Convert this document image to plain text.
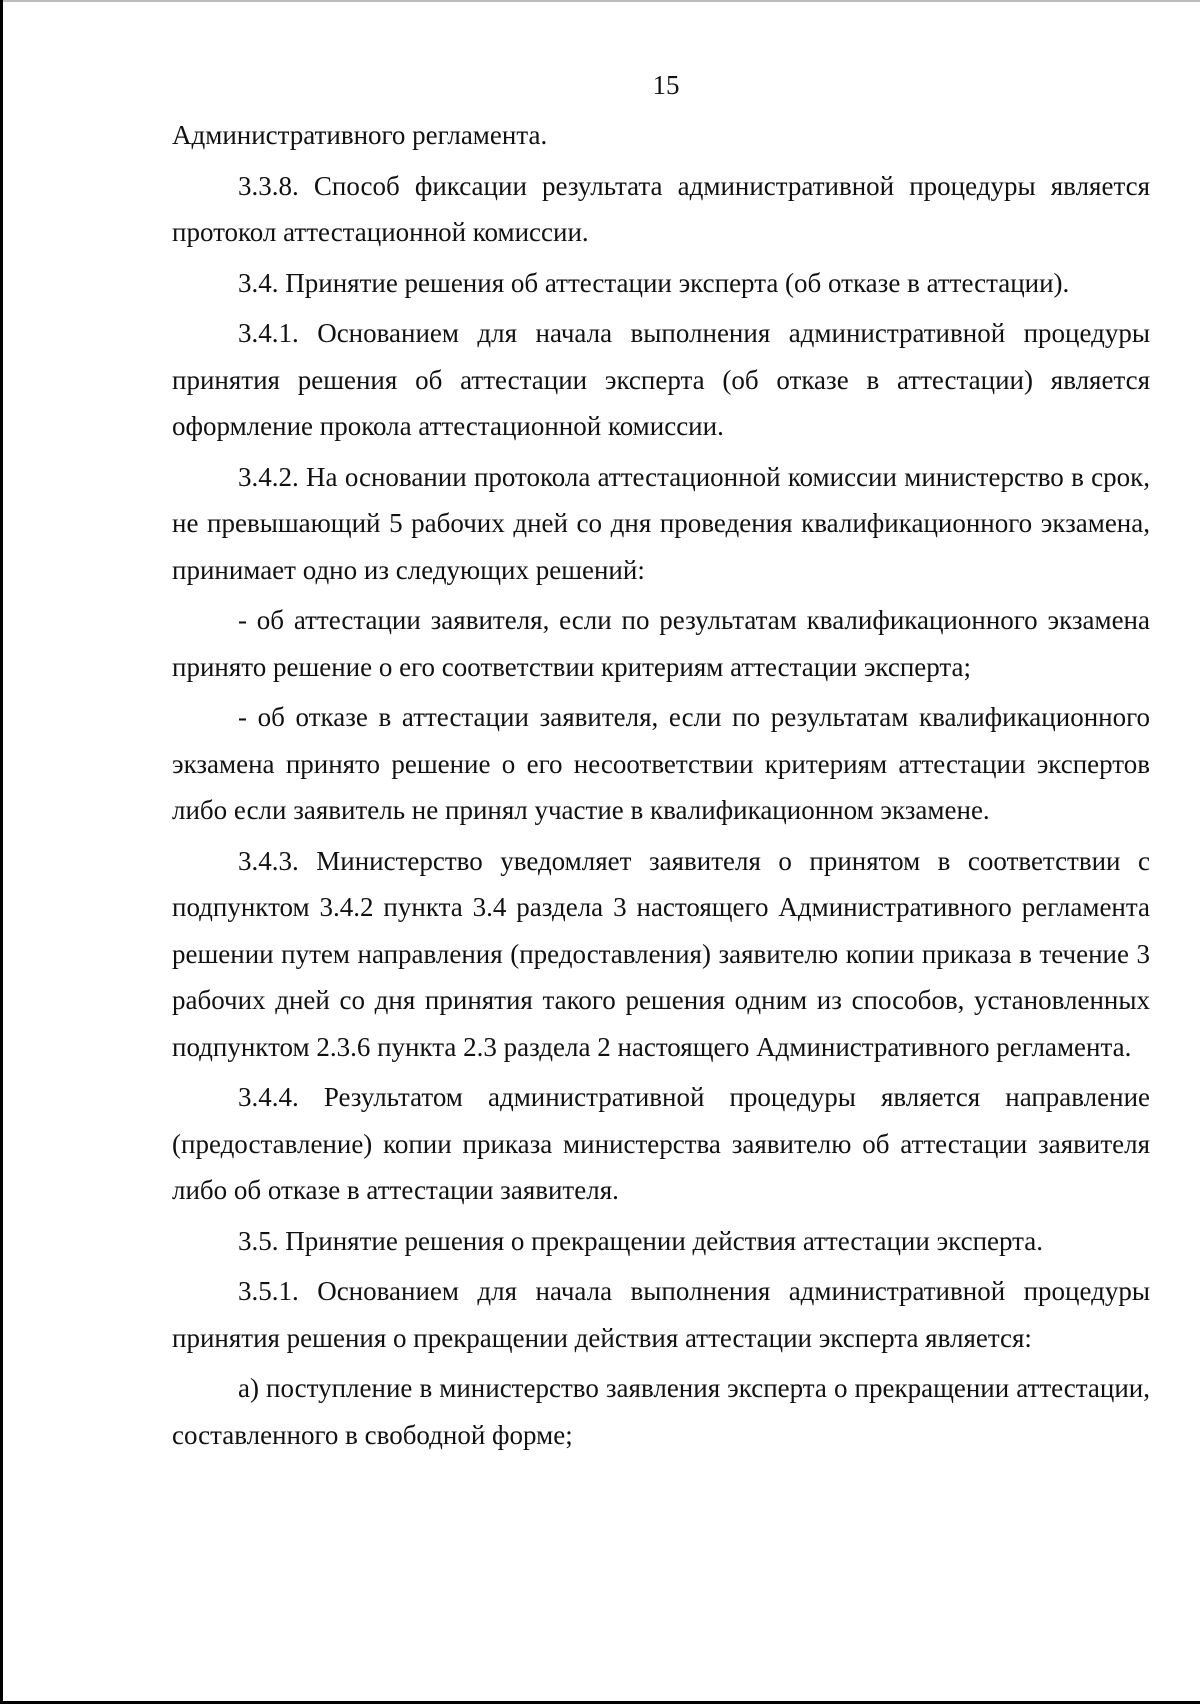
15

Административного регламента.

3.3.8. Способ фиксации результата административной процедуры является протокол аттестационной комиссии.

3.4. Принятие решения об аттестации эксперта (об отказе в аттестации).

3.4.1. Основанием для начала выполнения административной процедуры принятия решения об аттестации эксперта (об отказе в аттестации) является оформление прокола аттестационной комиссии.

3.4.2. На основании протокола аттестационной комиссии министерство в срок, не превышающий 5 рабочих дней со дня проведения квалификационного экзамена, принимает одно из следующих решений:

- об аттестации заявителя, если по результатам квалификационного экзамена принято решение о его соответствии критериям аттестации эксперта;

- об отказе в аттестации заявителя, если по результатам квалификационного экзамена принято решение о его несоответствии критериям аттестации экспертов либо если заявитель не принял участие в квалификационном экзамене.

3.4.3. Министерство уведомляет заявителя о принятом в соответствии с подпунктом 3.4.2 пункта 3.4 раздела 3 настоящего Административного регламента решении путем направления (предоставления) заявителю копии приказа в течение 3 рабочих дней со дня принятия такого решения одним из способов, установленных подпунктом 2.3.6 пункта 2.3 раздела 2 настоящего Административного регламента.

3.4.4. Результатом административной процедуры является направление (предоставление) копии приказа министерства заявителю об аттестации заявителя либо об отказе в аттестации заявителя.

3.5. Принятие решения о прекращении действия аттестации эксперта.

3.5.1. Основанием для начала выполнения административной процедуры принятия решения о прекращении действия аттестации эксперта является:

а) поступление в министерство заявления эксперта о прекращении аттестации, составленного в свободной форме;
